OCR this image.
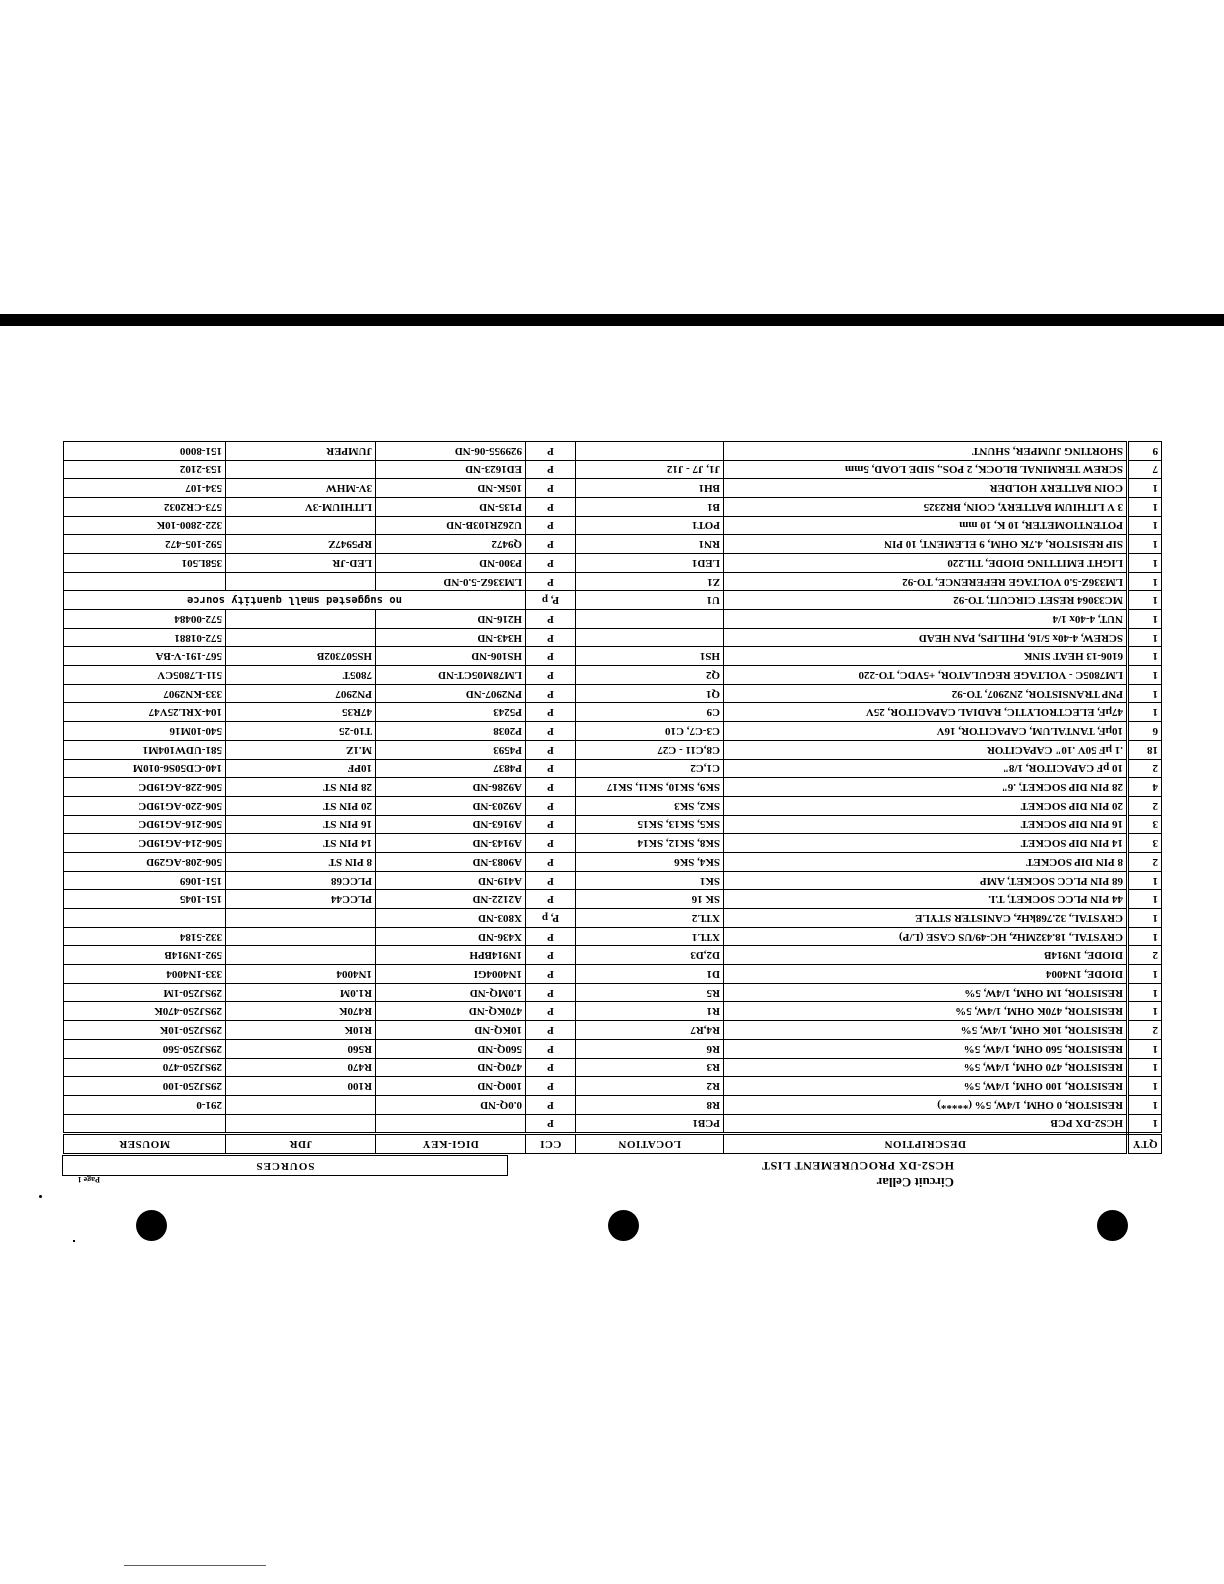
Circuit Cellar
HCS2-DX PROCUREMENT LIST
SOURCES
Page 1
QTY	DESCRIPTION	LOCATION	CCI	DIGI-KEY	JDR	MOUSER
1	HCS2-DX PCB	PCB1	P			
1	RESISTOR, 0 OHM, 1/4W, 5% (*****)	R8	P	0.0Q-ND		291-0
1	RESISTOR, 100 OHM, 1/4W, 5%	R2	P	100Q-ND	R100	29SJ250-100
1	RESISTOR, 470 OHM, 1/4W, 5%	R3	P	470Q-ND	R470	29SJ250-470
1	RESISTOR, 560 OHM, 1/4W, 5%	R6	P	560Q-ND	R560	29SJ250-560
2	RESISTOR, 10K OHM, 1/4W, 5%	R4,R7	P	10KQ-ND	R10K	29SJ250-10K
1	RESISTOR, 470K OHM, 1/4W, 5%	R1	P	470KQ-ND	R470K	29SJ250-470K
1	RESISTOR, 1M OHM, 1/4W, 5%	R5	P	1.0MQ-ND	R1.0M	29SJ250-1M
1	DIODE, 1N4004	D1	P	1N4004GI	1N4004	333-1N4004
2	DIODE, 1N914B	D2,D3	P	1N914BPH		592-1N914B
1	CRYSTAL, 18.432MHz, HC-49/US CASE (L/P)	XTL1	P	X436-ND		332-5184
1	CRYSTAL, 32.768kHz, CANISTER STYLE	XTL2	P, p	X803-ND		
1	44 PIN PLCC SOCKET, T.I.	SK 16	P	A2122-ND	PLCC44	151-1045
1	68 PIN PLCC SOCKET, AMP	SK1	P	A419-ND	PLCC68	151-1069
2	8 PIN DIP SOCKET	SK4, SK6	P	A9083-ND	8 PIN ST	506-208-AG29D
3	14 PIN DIP SOCKET	SK8, SK12, SK14	P	A9143-ND	14 PIN ST	506-214-AG19DC
3	16 PIN DIP SOCKET	SK5, SK13, SK15	P	A9163-ND	16 PIN ST	506-216-AG19DC
2	20 PIN DIP SOCKET	SK2, SK3	P	A9203-ND	20 PIN ST	506-220-AG19DC
4	28 PIN DIP SOCKET, .6"	SK9, SK10, SK11, SK17	P	A9286-ND	28 PIN ST	506-228-AG19DC
2	10 pF CAPACITOR, 1/8"	C1,C2	P	P4837	10PF	140-CD50S6-010M
18	.1 µF 50V .10" CAPACITOR	C8,C11 - C27	P	P4593	M.1Z	581-UDW104M1
6	10µF, TANTALUM, CAPACITOR, 16V	C3-C7, C10	P	P2038	T10-25	540-10M16
1	47µF, ELECTROLYTIC, RADIAL CAPACITOR, 25V	C9	P	P5243	47R35	104-XRL25V47
1	PNP TRANSISTOR, 2N2907, TO-92	Q1	P	PN2907-ND	PN2907	333-KN2907
1	LM7805C - VOLTAGE REGULATOR, +5VDC, TO-220	Q2	P	LM78M05CT-ND	7805T	511-L7805CV
1	6106-13 HEAT SINK	HS1	P	HS106-ND	HS507302B	567-191-V-BA
1	SCREW, 4-40x 5/16, PHILIPS, PAN HEAD		P	H343-ND		572-01881
1	NUT, 4-40x 1/4		P	H216-ND		572-00484
1	MC33064 RESET CIRCUIT, TO-92	U1	P, p	no suggested small quantity source		
1	LM336Z-5.0 VOLTAGE REFERENCE, TO-92	Z1	P	LM336Z-5.0-ND		
1	LIGHT EMITTING DIODE, TIL220	LED1	P	P300-ND	LED-JR	358L501
1	SIP RESISTOR, 4.7K OHM, 9 ELEMENT, 10 PIN	RN1	P	Q9472	RP5947Z	592-105-472
1	POTENTIOMETER, 10 K, 10 mm	POT1	P	U262R103B-ND		322-2800-10K
1	3 V LITHIUM BATTERY, COIN, BR2325	B1	P	P135-ND	LITHIUM-3V	573-CR2032
1	COIN BATTERY HOLDER	BH1	P	105K-ND	3V-MHW	534-107
7	SCREW TERMINAL BLOCK, 2 POS., SIDE LOAD, 5mm	J1, J7 - J12	P	ED1623-ND		153-2102
9	SHORTING JUMPER, SHUNT		P	929955-06-ND	JUMPER	151-8000
